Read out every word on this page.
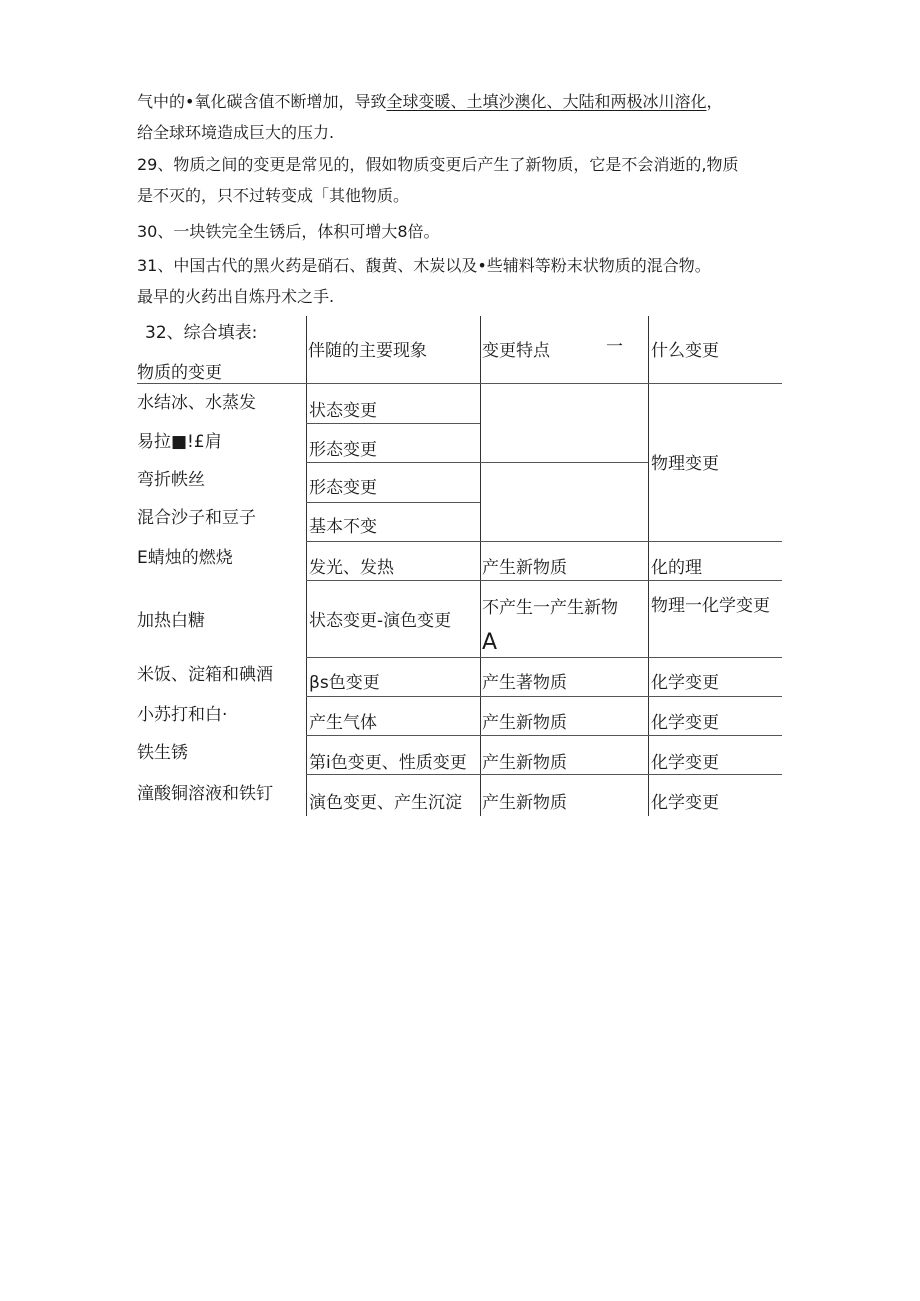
气中的•氧化碳含值不断增加，导致全球变暖、土填沙澳化、大陆和两极冰川溶化，
给全球环境造成巨大的压力.
29、物质之间的变更是常见的，假如物质变更后产生了新物质，它是不会消逝的,物质
是不灭的，只不过转变成「其他物质。
30、一块铁完全生锈后，体积可增大8倍。
31、中国古代的黑火药是硝石、馥黄、木炭以及•些辅料等粉末状物质的混合物。
最早的火药出自炼丹术之手.
32、综合填表:
物质的变更
伴随的主要现象	变更特点	一 什么变更
水结冰、水蒸发
易拉■!£肩
弯折帙丝
混合沙子和豆子
E蜻烛的燃烧
加热白糖
米饭、淀箱和碘酒
小苏打和白·
铁生锈
潼酸铜溶液和铁钉
状态变更
形态变更
形态变更
基本不变
发光、发热
状态变更-演色变更
βs色变更
产生气体
第i色变更、性质变更
演色变更、产生沉淀
产生新物质
不产生一产生新物
A
产生著物质
产生新物质
产生新物质
产生新物质
物理变更
化的理
物理一化学变更
化学变更
化学变更
化学变更
化学变更
